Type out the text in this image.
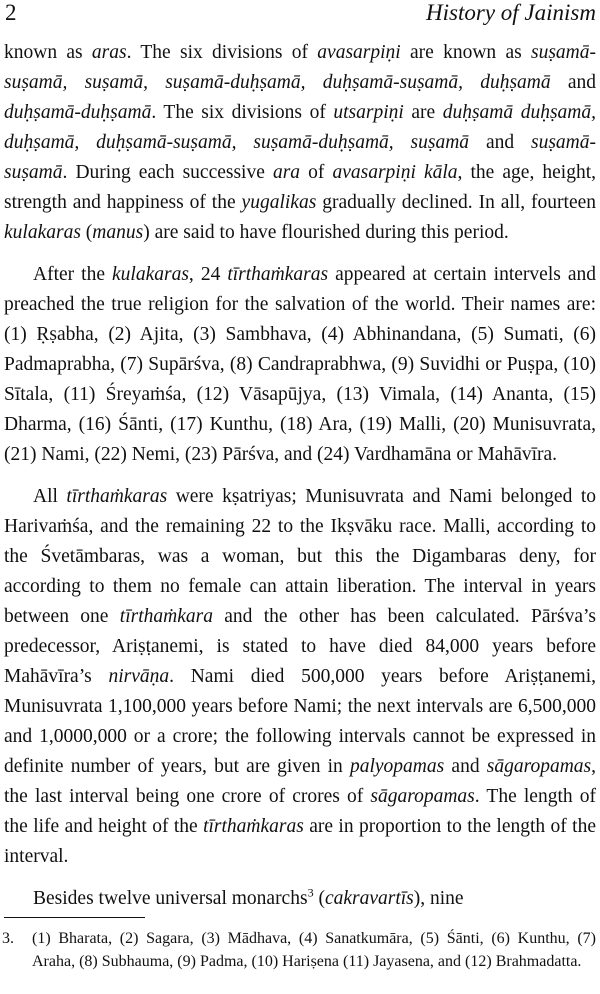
2	History of Jainism

known as aras. The six divisions of avasarpiṇi are known as suṣamā-suṣamā, suṣamā, suṣamā-duḥṣamā, duḥṣamā-suṣamā, duḥṣamā and duḥṣamā-duḥṣamā. The six divisions of utsarpiṇi are duḥṣamā duḥṣamā, duḥṣamā, duḥṣamā-suṣamā, suṣamā-duḥṣamā, suṣamā and suṣamā-suṣamā. During each successive ara of avasarpiṇi kāla, the age, height, strength and happiness of the yugalikas gradually declined. In all, fourteen kulakaras (manus) are said to have flourished during this period.

After the kulakaras, 24 tīrthaṁkaras appeared at certain intervels and preached the true religion for the salvation of the world. Their names are: (1) Ṛṣabha, (2) Ajita, (3) Sambhava, (4) Abhinandana, (5) Sumati, (6) Padmaprabha, (7) Supārśva, (8) Candraprabhwa, (9) Suvidhi or Puṣpa, (10) Sītala, (11) Śreyaṁśa, (12) Vāsapūjya, (13) Vimala, (14) Ananta, (15) Dharma, (16) Śānti, (17) Kunthu, (18) Ara, (19) Malli, (20) Munisuvrata, (21) Nami, (22) Nemi, (23) Pārśva, and (24) Vardhamāna or Mahāvīra.

All tīrthaṁkaras were kṣatriyas; Munisuvrata and Nami belonged to Harivaṁśa, and the remaining 22 to the Ikṣvāku race. Malli, according to the Śvetāmbaras, was a woman, but this the Digambaras deny, for according to them no female can attain liberation. The interval in years between one tīrthaṁkara and the other has been calculated. Pārśva’s predecessor, Ariṣṭanemi, is stated to have died 84,000 years before Mahāvīra’s nirvāṇa. Nami died 500,000 years before Ariṣṭanemi, Munisuvrata 1,100,000 years before Nami; the next intervals are 6,500,000 and 1,0000,000 or a crore; the following intervals cannot be expressed in definite number of years, but are given in palyopamas and sāgaropamas, the last interval being one crore of crores of sāgaropamas. The length of the life and height of the tīrthaṁkaras are in proportion to the length of the interval.

Besides twelve universal monarchs$^3$ (cakravartīs), nine

3. (1) Bharata, (2) Sagara, (3) Mādhava, (4) Sanatkumāra, (5) Śānti, (6) Kunthu, (7) Araha, (8) Subhauma, (9) Padma, (10) Hariṣena (11) Jayasena, and (12) Brahmadatta.
